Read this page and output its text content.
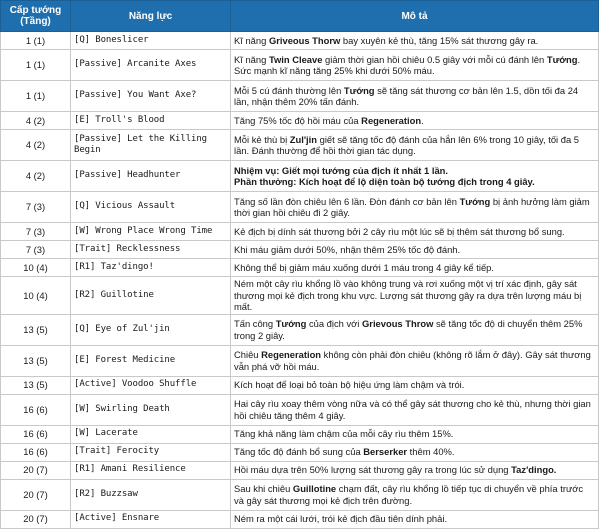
Cấp tướng (Tầng)	Năng lực	Mô tả
1 (1)	[Q] Boneslicer	Kĩ năng Griveous Thorw bay xuyên kẻ thù, tăng 15% sát thương gây ra.
1 (1)	[Passive] Arcanite Axes	Kĩ năng Twin Cleave giảm thời gian hồi chiêu 0.5 giây với mỗi cú đánh lên Tướng. Sức mạnh kĩ năng tăng 25% khi dưới 50% máu.
1 (1)	[Passive] You Want Axe?	Mỗi 5 cú đánh thường lên Tướng sẽ tăng sát thương cơ bản lên 1.5, dồn tối đa 24 lần, nhận thêm 20% tấn đánh.
4 (2)	[E] Troll's Blood	Tăng 75% tốc độ hồi máu của Regeneration.
4 (2)	[Passive] Let the Killing Begin	Mỗi kẻ thù bị Zul'jin giết sẽ tăng tốc độ đánh của hắn lên 6% trong 10 giây, tối đa 5 lần. Đánh thường để hồi thời gian tác dụng.
4 (2)	[Passive] Headhunter	Nhiệm vụ: Giết mọi tướng của địch ít nhất 1 lần.
Phần thưởng: Kích hoạt để lộ diện toàn bộ tướng địch trong 4 giây.
7 (3)	[Q] Vicious Assault	Tăng số lần đòn chiêu lên 6 lần. Đòn đánh cơ bản lên Tướng bị ảnh hưởng làm giảm thời gian hồi chiêu đi 2 giây.
7 (3)	[W] Wrong Place Wrong Time	Kẻ địch bị dính sát thương bởi 2 cây rìu một lúc sẽ bị thêm sát thương bổ sung.
7 (3)	[Trait] Recklessness	Khi máu giảm dưới 50%, nhận thêm 25% tốc độ đánh.
10 (4)	[R1] Taz'dingo!	Không thể bị giảm máu xuống dưới 1 máu trong 4 giây kể tiếp.
10 (4)	[R2] Guillotine	Ném một cây rìu khổng lồ vào không trung và rơi xuống một vị trí xác định, gây sát thương mọi kẻ địch trong khu vực. Lượng sát thương gây ra dựa trên lượng máu bị mất.
13 (5)	[Q] Eye of Zul'jin	Tấn công Tướng của địch với Grievous Throw sẽ tăng tốc độ di chuyển thêm 25% trong 2 giây.
13 (5)	[E] Forest Medicine	Chiêu Regeneration không còn phải đòn chiêu (không rõ lắm ở đây). Gây sát thương vẫn phá vỡ hồi máu.
13 (5)	[Active] Voodoo Shuffle	Kích hoạt để loại bỏ toàn bộ hiệu ứng làm chậm và trói.
16 (6)	[W] Swirling Death	Hai cây rìu xoay thêm vòng nữa và có thể gây sát thương cho kẻ thù, nhưng thời gian hồi chiêu tăng thêm 4 giây.
16 (6)	[W] Lacerate	Tăng khả năng làm chậm của mỗi cây rìu thêm 15%.
16 (6)	[Trait] Ferocity	Tăng tốc độ đánh bổ sung của Berserker thêm 40%.
20 (7)	[R1] Amani Resilience	Hồi máu dựa trên 50% lượng sát thương gây ra trong lúc sử dụng Taz'dingo.
20 (7)	[R2] Buzzsaw	Sau khi chiêu Guillotine chạm đất, cây rìu khổng lồ tiếp tục di chuyển về phía trước và gây sát thương mọi kẻ địch trên đường.
20 (7)	[Active] Ensnare	Ném ra một cái lưới, trói kẻ địch đầu tiên dính phải.
